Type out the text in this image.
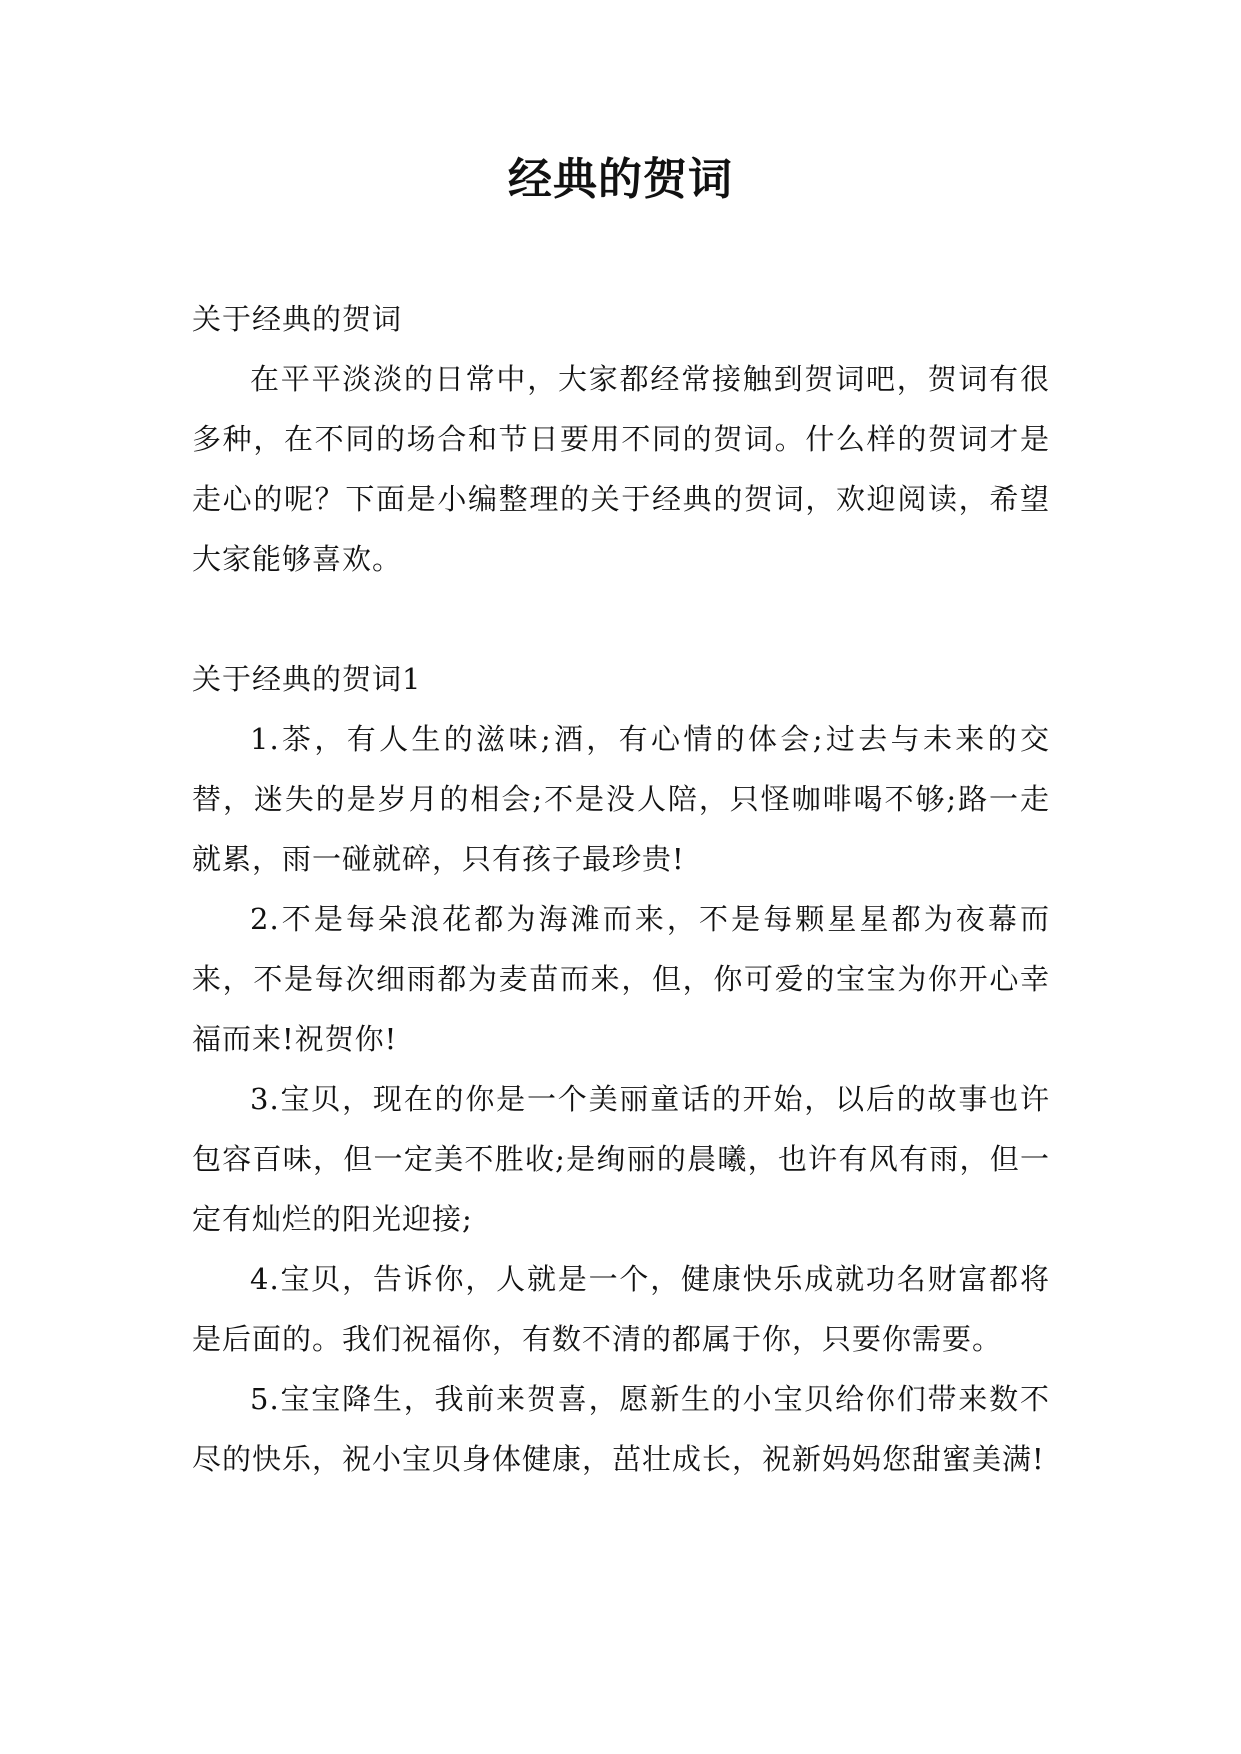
经典的贺词

关于经典的贺词

在平平淡淡的日常中，大家都经常接触到贺词吧，贺词有很多种，在不同的场合和节日要用不同的贺词。什么样的贺词才是走心的呢？下面是小编整理的关于经典的贺词，欢迎阅读，希望大家能够喜欢。

关于经典的贺词1

1.茶，有人生的滋味;酒，有心情的体会;过去与未来的交替，迷失的是岁月的相会;不是没人陪，只怪咖啡喝不够;路一走就累，雨一碰就碎，只有孩子最珍贵!

2.不是每朵浪花都为海滩而来，不是每颗星星都为夜幕而来，不是每次细雨都为麦苗而来，但，你可爱的宝宝为你开心幸福而来!祝贺你!

3.宝贝，现在的你是一个美丽童话的开始，以后的故事也许包容百味，但一定美不胜收;是绚丽的晨曦，也许有风有雨，但一定有灿烂的阳光迎接;

4.宝贝，告诉你，人就是一个，健康快乐成就功名财富都将是后面的。我们祝福你，有数不清的都属于你，只要你需要。

5.宝宝降生，我前来贺喜，愿新生的小宝贝给你们带来数不尽的快乐，祝小宝贝身体健康，茁壮成长，祝新妈妈您甜蜜美满!
